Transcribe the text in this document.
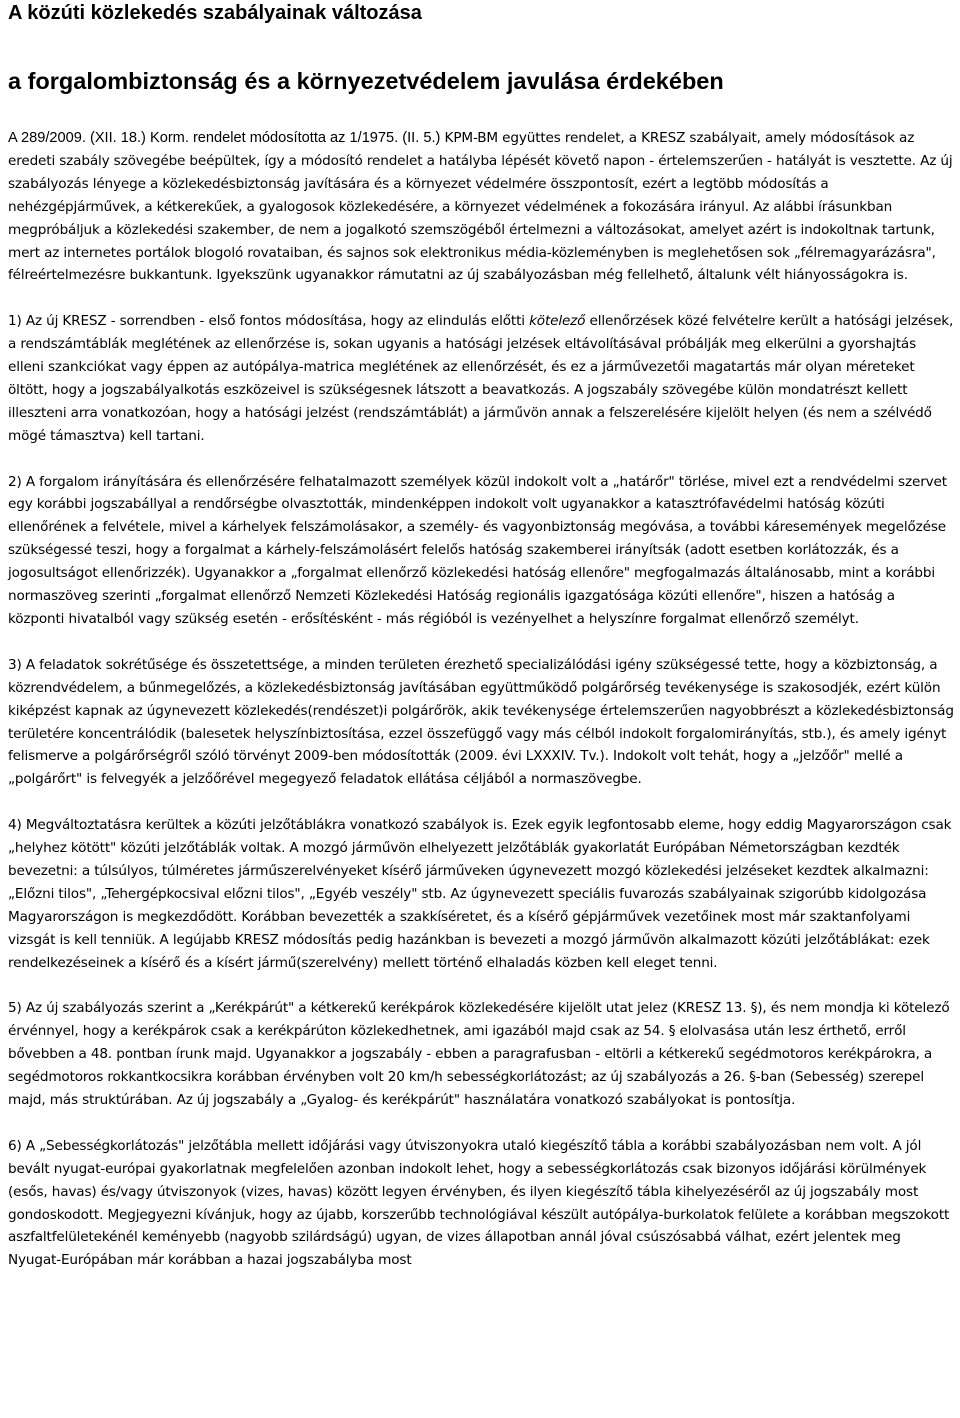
A közúti közlekedés szabályainak változása
a forgalombiztonság és a környezetvédelem javulása érdekében

A 289/2009. (XII. 18.) Korm. rendelet módosította az 1/1975. (II. 5.) KPM-BM együttes rendelet, a KRESZ szabályait, amely módosítások az eredeti szabály szövegébe beépültek, így a módosító rendelet a hatályba lépését követő napon - értelemszerűen - hatályát is vesztette. Az új szabályozás lényege a közlekedésbiztonság javítására és a környezet védelmére összpontosít, ezért a legtöbb módosítás a nehézgépjárművek, a kétkerekűek, a gyalogosok közlekedésére, a környezet védelmének a fokozására irányul. Az alábbi írásunkban megpróbáljuk a közlekedési szakember, de nem a jogalkotó szemszögéből értelmezni a változásokat, amelyet azért is indokoltnak tartunk, mert az internetes portálok blogoló rovataiban, és sajnos sok elektronikus média-közleményben is meglehetősen sok „félremagyarázásra", félreértelmezésre bukkantunk. Igyekszünk ugyanakkor rámutatni az új szabályozásban még fellelhető, általunk vélt hiányosságokra is.

1) Az új KRESZ - sorrendben - első fontos módosítása, hogy az elindulás előtti kötelező ellenőrzések közé felvételre került a hatósági jelzések, a rendszámtáblák meglétének az ellenőrzése is, sokan ugyanis a hatósági jelzések eltávolításával próbálják meg elkerülni a gyorshajtás elleni szankciókat vagy éppen az autópálya-matrica meglétének az ellenőrzését, és ez a járművezetői magatartás már olyan méreteket öltött, hogy a jogszabályalkotás eszközeivel is szükségesnek látszott a beavatkozás. A jogszabály szövegébe külön mondatrészt kellett illeszteni arra vonatkozóan, hogy a hatósági jelzést (rendszámtáblát) a járművön annak a felszerelésére kijelölt helyen (és nem a szélvédő mögé támasztva) kell tartani.

2) A forgalom irányítására és ellenőrzésére felhatalmazott személyek közül indokolt volt a „határőr" törlése, mivel ezt a rendvédelmi szervet egy korábbi jogszabállyal a rendőrségbe olvasztották, mindenképpen indokolt volt ugyanakkor a katasztrófavédelmi hatóság közúti ellenőrének a felvétele, mivel a kárhelyek felszámolásakor, a személy- és vagyonbiztonság megóvása, a további káresemények megelőzése szükségessé teszi, hogy a forgalmat a kárhely-felszámolásért felelős hatóság szakemberei irányítsák (adott esetben korlátozzák, és a jogosultságot ellenőrizzék). Ugyanakkor a „forgalmat ellenőrző közlekedési hatóság ellenőre" megfogalmazás általánosabb, mint a korábbi normaszöveg szerinti „forgalmat ellenőrző Nemzeti Közlekedési Hatóság regionális igazgatósága közúti ellenőre", hiszen a hatóság a központi hivatalból vagy szükség esetén - erősítésként - más régióból is vezényelhet a helyszínre forgalmat ellenőrző személyt.

3) A feladatok sokrétűsége és összetettsége, a minden területen érezhető specializálódási igény szükségessé tette, hogy a közbiztonság, a közrendvédelem, a bűnmegelőzés, a közlekedésbiztonság javításában együttműködő polgárőrség tevékenysége is szakosodjék, ezért külön kiképzést kapnak az úgynevezett közlekedés(rendészet)i polgárőrök, akik tevékenysége értelemszerűen nagyobbrészt a közlekedésbiztonság területére koncentrálódik (balesetek helyszínbiztosítása, ezzel összefüggő vagy más célból indokolt forgalomirányítás, stb.), és amely igényt felismerve a polgárőrségről szóló törvényt 2009-ben módosították (2009. évi LXXXIV. Tv.). Indokolt volt tehát, hogy a „jelzőőr" mellé a „polgárőrt" is felvegyék a jelzőőrével megegyező feladatok ellátása céljából a normaszövegbe.

4) Megváltoztatásra kerültek a közúti jelzőtáblákra vonatkozó szabályok is. Ezek egyik legfontosabb eleme, hogy eddig Magyarországon csak „helyhez kötött" közúti jelzőtáblák voltak. A mozgó járművön elhelyezett jelzőtáblák gyakorlatát Európában Németországban kezdték bevezetni: a túlsúlyos, túlméretes járműszerelvényeket kísérő járműveken úgynevezett mozgó közlekedési jelzéseket kezdtek alkalmazni: „Előzni tilos", „Tehergépkocsival előzni tilos", „Egyéb veszély" stb. Az úgynevezett speciális fuvarozás szabályainak szigorúbb kidolgozása Magyarországon is megkezdődött. Korábban bevezették a szakkíséretet, és a kísérő gépjárművek vezetőinek most már szaktanfolyami vizsgát is kell tenniük. A legújabb KRESZ módosítás pedig hazánkban is bevezeti a mozgó járművön alkalmazott közúti jelzőtáblákat: ezek rendelkezéseinek a kísérő és a kísért jármű(szerelvény) mellett történő elhaladás közben kell eleget tenni.

5) Az új szabályozás szerint a „Kerékpárút" a kétkerekű kerékpárok közlekedésére kijelölt utat jelez (KRESZ 13. §), és nem mondja ki kötelező érvénnyel, hogy a kerékpárok csak a kerékpárúton közlekedhetnek, ami igazából majd csak az 54. § elolvasása után lesz érthető, erről bővebben a 48. pontban írunk majd. Ugyanakkor a jogszabály - ebben a paragrafusban - eltörli a kétkerekű segédmotoros kerékpárokra, a segédmotoros rokkantkocsikra korábban érvényben volt 20 km/h sebességkorlátozást; az új szabályozás a 26. §-ban (Sebesség) szerepel majd, más struktúrában. Az új jogszabály a „Gyalog- és kerékpárút" használatára vonatkozó szabályokat is pontosítja.

6) A „Sebességkorlátozás" jelzőtábla mellett időjárási vagy útviszonyokra utaló kiegészítő tábla a korábbi szabályozásban nem volt. A jól bevált nyugat-európai gyakorlatnak megfelelően azonban indokolt lehet, hogy a sebességkorlátozás csak bizonyos időjárási körülmények (esős, havas) és/vagy útviszonyok (vizes, havas) között legyen érvényben, és ilyen kiegészítő tábla kihelyezéséről az új jogszabály most gondoskodott. Megjegyezni kívánjuk, hogy az újabb, korszerűbb technológiával készült autópálya-burkolatok felülete a korábban megszokott aszfaltfelületekénél keményebb (nagyobb szilárdságú) ugyan, de vizes állapotban annál jóval csúszósabbá válhat, ezért jelentek meg Nyugat-Európában már korábban a hazai jogszabályba most
